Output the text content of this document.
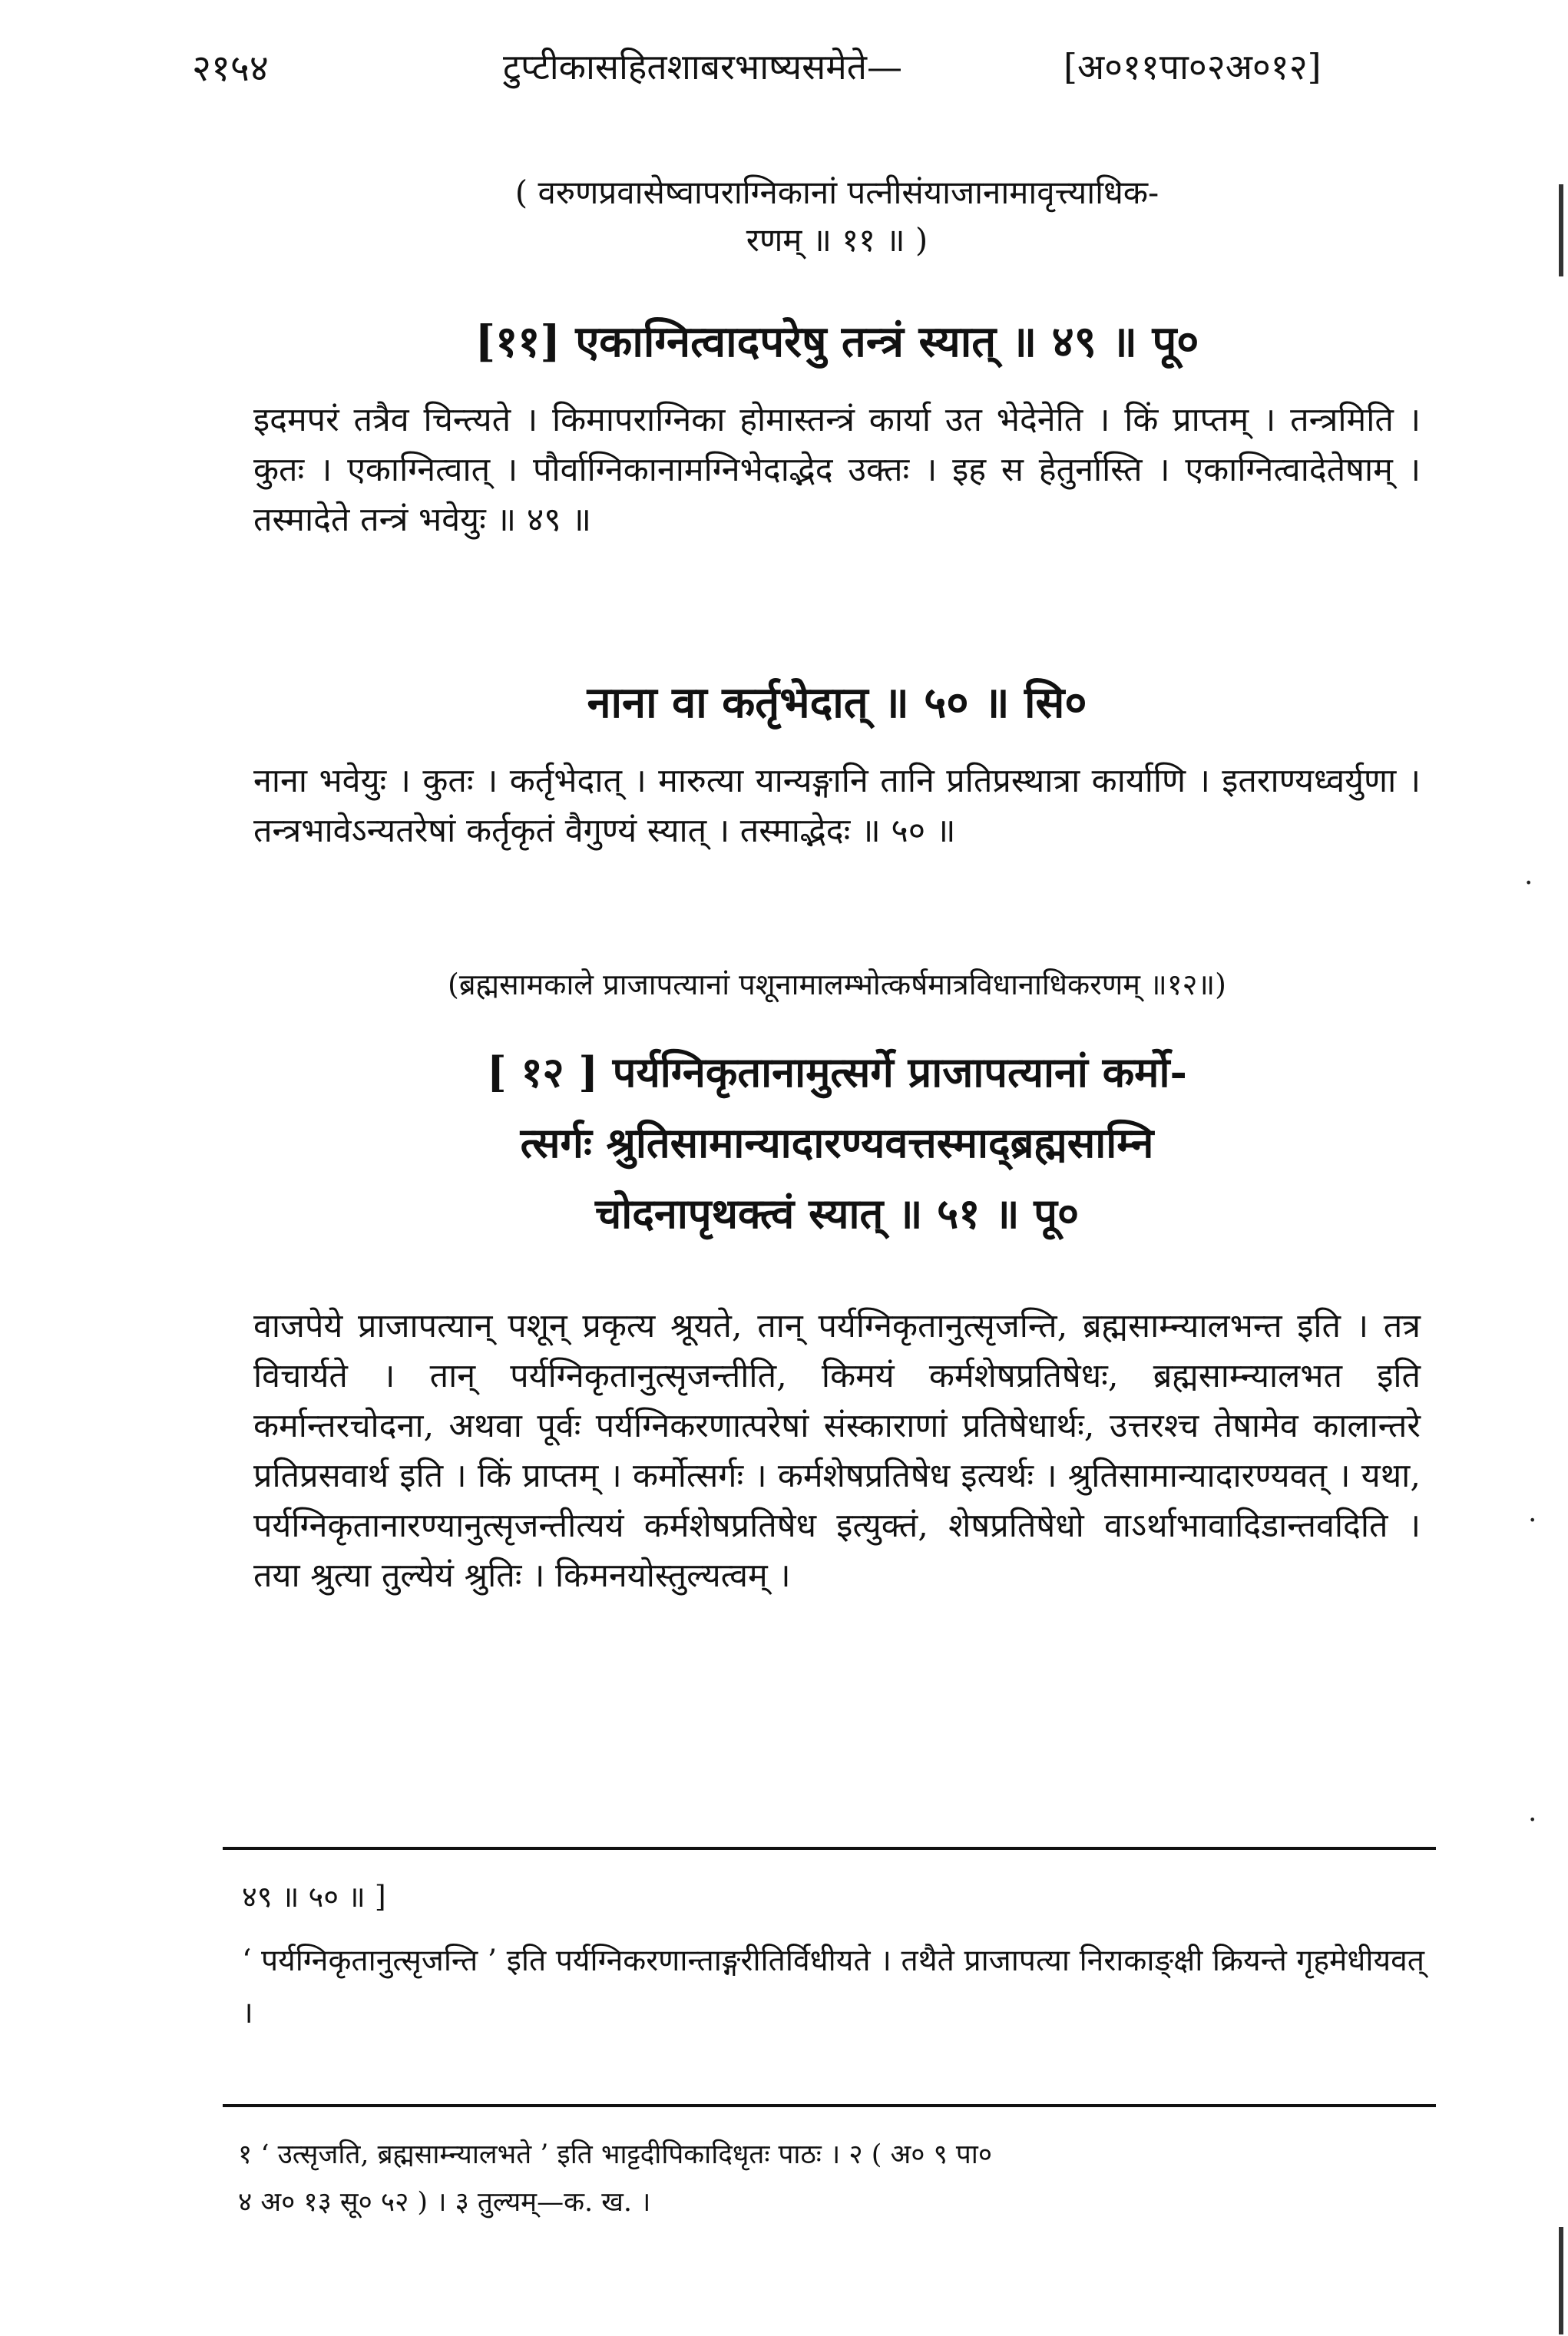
२१५४	टुप्टीकासहितशाबरभाष्यसमेते—	[अ०११पा०२अ०१२]
( वरुणप्रवासेष्वापराग्निकानां पत्नीसंयाजानामावृत्त्याधिक-
रणम् ॥ ११ ॥ )
[११] एकाग्नित्वादपरेषु तन्त्रं स्यात् ॥ ४९ ॥ पू०
इदमपरं तत्रैव चिन्त्यते । किमापराग्निका होमास्तन्त्रं कार्या उत भेदेनेति । किं प्राप्तम् । तन्त्रमिति । कुतः । एकाग्नित्वात् । पौर्वाग्निकानामग्निभेदाद्भेद उक्तः । इह स हेतुर्नास्ति । एकाग्नित्वादेतेषाम् । तस्मादेते तन्त्रं भवेयुः ॥ ४९ ॥
नाना वा कर्तृभेदात् ॥ ५० ॥ सि०
नाना भवेयुः । कुतः । कर्तृभेदात् । मारुत्या यान्यङ्गानि तानि प्रतिप्रस्थात्रा कार्याणि । इतराण्यध्वर्युणा । तन्त्रभावेऽन्यतरेषां कर्तृकृतं वैगुण्यं स्यात् । तस्माद्भेदः ॥ ५० ॥
(ब्रह्मसामकाले प्राजापत्यानां पशूनामालम्भोत्कर्षमात्रविधानाधिकरणम् ॥१२॥)
[ १२ ] पर्यग्निकृतानामुत्सर्गे प्राजापत्यानां कर्मो-
त्सर्गः श्रुतिसामान्यादारण्यवत्तस्माद्ब्रह्मसाम्नि
चोदनापृथक्त्वं स्यात् ॥ ५१ ॥ पू०
वाजपेये प्राजापत्यान् पशून् प्रकृत्य श्रूयते, तान् पर्यग्निकृतानुत्सृजन्ति, ब्रह्मसाम्न्यालभन्त इति । तत्र विचार्यते । तान् पर्यग्निकृतानुत्सृजन्तीति, किमयं कर्मशेषप्रतिषेधः, ब्रह्मसाम्न्यालभत इति कर्मान्तरचोदना, अथवा पूर्वः पर्यग्निकरणात्परेषां संस्काराणां प्रतिषेधार्थः, उत्तरश्च तेषामेव कालान्तरे प्रतिप्रसवार्थ इति । किं प्राप्तम् । कर्मोत्सर्गः । कर्मशेषप्रतिषेध इत्यर्थः । श्रुतिसामान्यादारण्यवत् । यथा, पर्यग्निकृतानारण्यानुत्सृजन्तीत्ययं कर्मशेषप्रतिषेध इत्युक्तं, शेषप्रतिषेधो वाऽर्थाभावादिडान्तवदिति । तया श्रुत्या तुल्येयं श्रुतिः । किमनयोस्तुल्यत्वम् ।
४९ ॥ ५० ॥ ]
‘ पर्यग्निकृतानुत्सृजन्ति ’ इति पर्यग्निकरणान्ताङ्गरीतिर्विधीयते । तथैते प्राजापत्या निराकाङ्क्षी क्रियन्ते गृहमेधीयवत् ।
१ ‘ उत्सृजति, ब्रह्मसाम्न्यालभते ’ इति भाट्टदीपिकादिधृतः पाठः । २ ( अ० ९ पा०
४ अ० १३ सू० ५२ ) । ३ तुल्यम्—क. ख. ।
·
·
·
